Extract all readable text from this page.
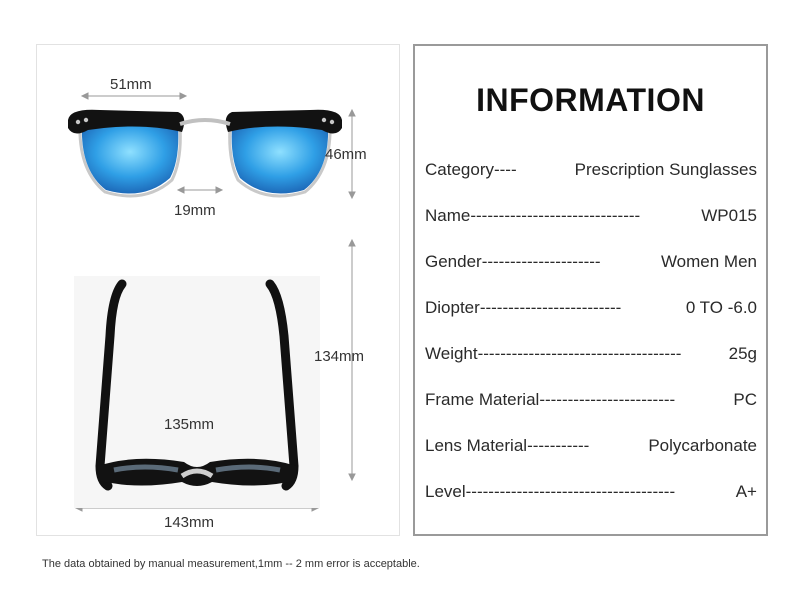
51mm
46mm
19mm
134mm
135mm
143mm
INFORMATION
Category ----	Prescription Sunglasses
Name ------------------------------	WP015
Gender ---------------------	Women Men
Diopter -------------------------	0 TO -6.0
Weight ------------------------------------	25g
Frame Material ------------------------	PC
Lens Material -----------	Polycarbonate
Level -------------------------------------	A+
The data obtained by manual measurement,1mm -- 2 mm error is acceptable.
